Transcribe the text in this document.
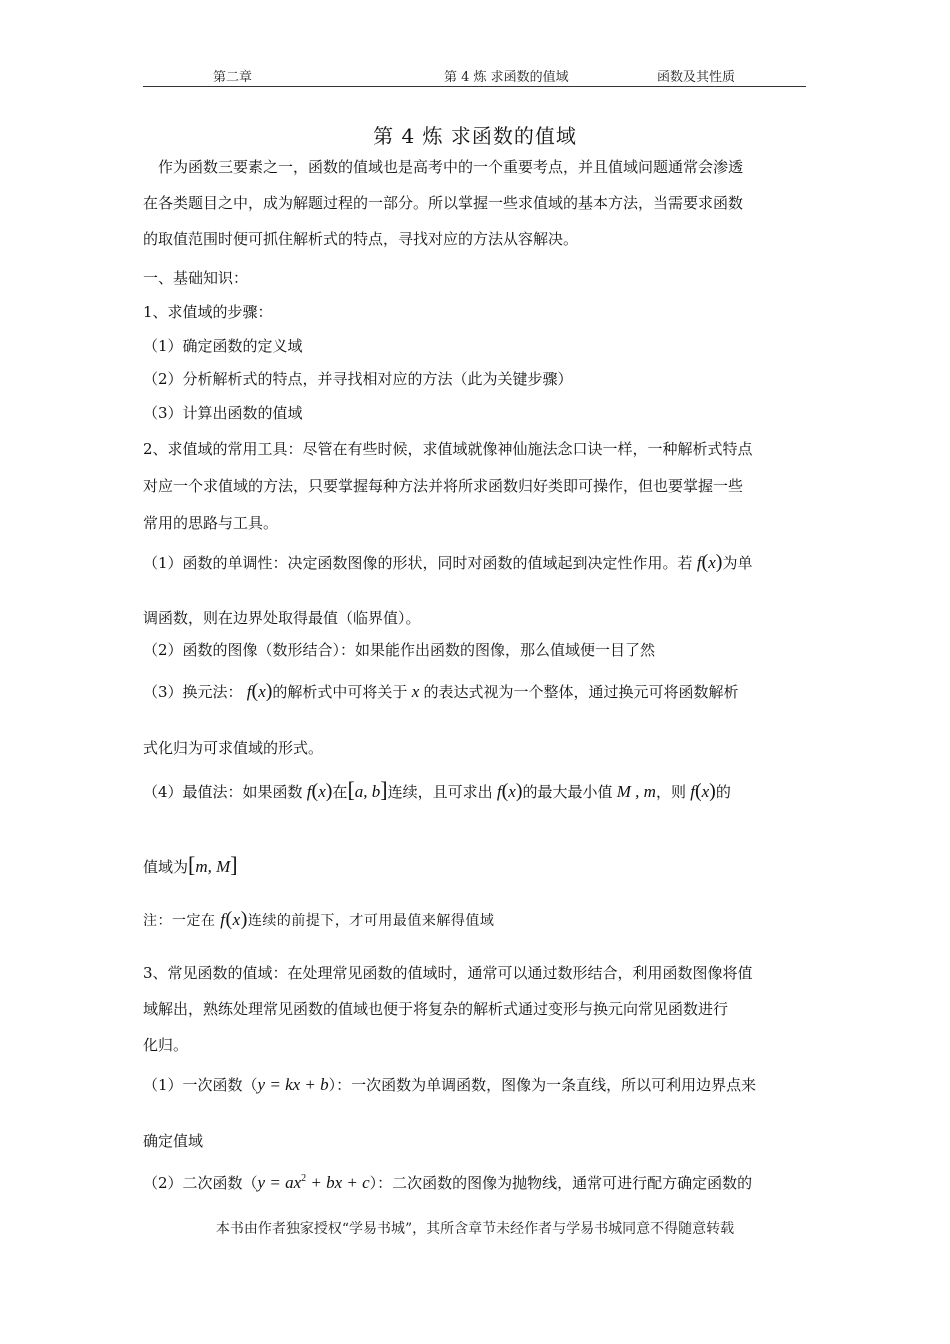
第二章	第 4 炼 求函数的值域	函数及其性质
第 4 炼 求函数的值域
作为函数三要素之一，函数的值域也是高考中的一个重要考点，并且值域问题通常会渗透
在各类题目之中，成为解题过程的一部分。所以掌握一些求值域的基本方法，当需要求函数
的取值范围时便可抓住解析式的特点，寻找对应的方法从容解决。
一、基础知识：
1、求值域的步骤：
（1）确定函数的定义域
（2）分析解析式的特点，并寻找相对应的方法（此为关键步骤）
（3）计算出函数的值域
2、求值域的常用工具：尽管在有些时候，求值域就像神仙施法念口诀一样，一种解析式特点
对应一个求值域的方法，只要掌握每种方法并将所求函数归好类即可操作，但也要掌握一些
常用的思路与工具。
（1）函数的单调性：决定函数图像的形状，同时对函数的值域起到决定性作用。若 f(x)为单
调函数，则在边界处取得最值（临界值）。
（2）函数的图像（数形结合）：如果能作出函数的图像，那么值域便一目了然
（3）换元法： f(x)的解析式中可将关于 x 的表达式视为一个整体，通过换元可将函数解析
式化归为可求值域的形式。
（4）最值法：如果函数 f(x)在[a, b]连续，且可求出 f(x)的最大最小值 M , m，则 f(x)的
值域为[m, M]
注：一定在 f(x)连续的前提下，才可用最值来解得值域
3、常见函数的值域：在处理常见函数的值域时，通常可以通过数形结合，利用函数图像将值
域解出，熟练处理常见函数的值域也便于将复杂的解析式通过变形与换元向常见函数进行
化归。
（1）一次函数（y = kx + b）：一次函数为单调函数，图像为一条直线，所以可利用边界点来
确定值域
（2）二次函数（$y = ax^2$ + bx + c）：二次函数的图像为抛物线，通常可进行配方确定函数的
本书由作者独家授权“学易书城”，其所含章节未经作者与学易书城同意不得随意转载
